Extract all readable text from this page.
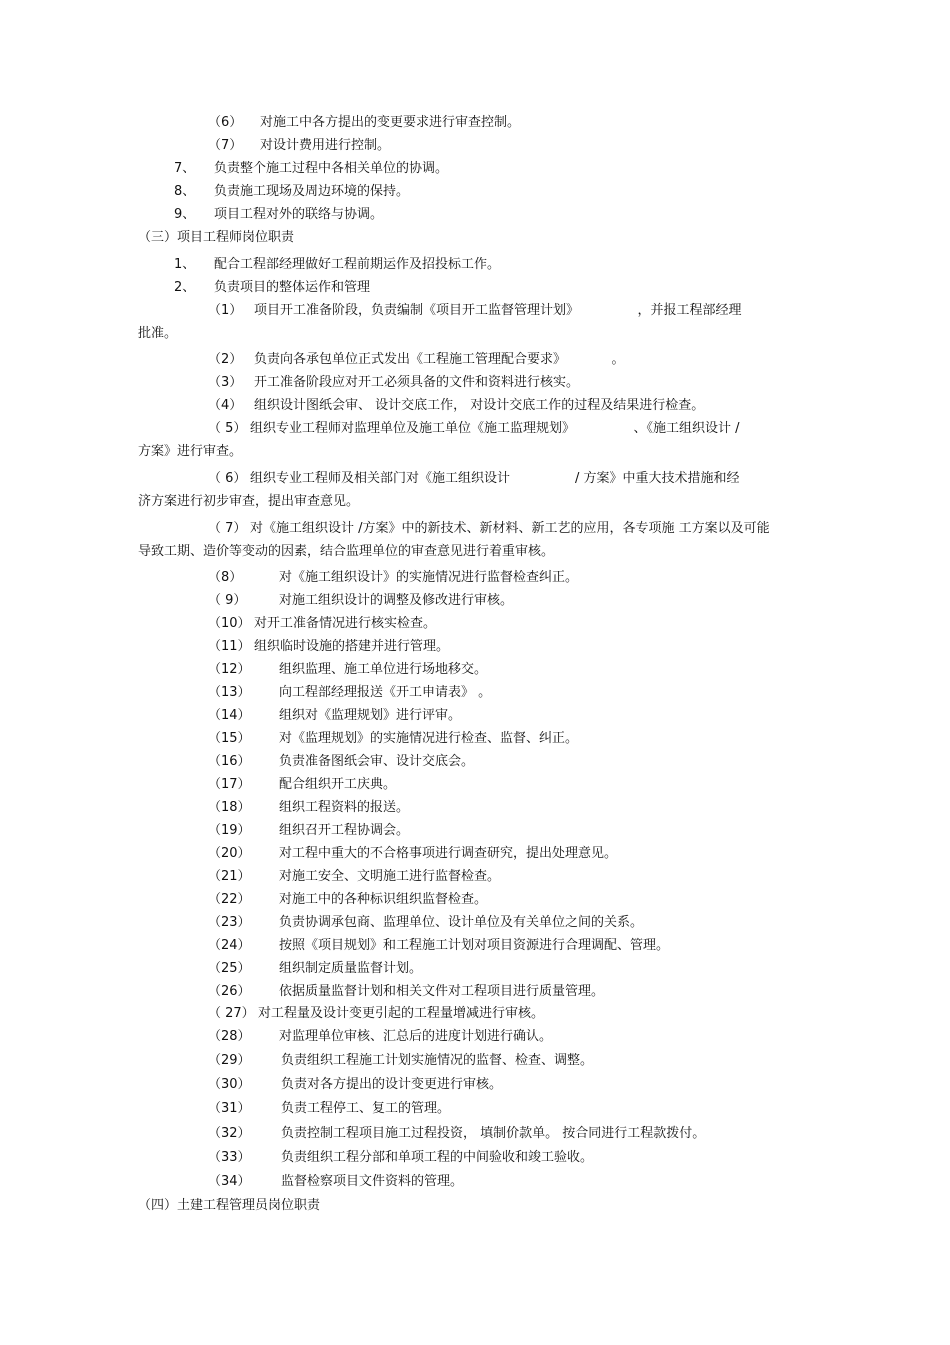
（6） 对施工中各方提出的变更要求进行审查控制。
（7） 对设计费用进行控制。
7、 负责整个施工过程中各相关单位的协调。
8、 负责施工现场及周边环境的保持。
9、 项目工程对外的联络与协调。
（三）项目工程师岗位职责
1、 配合工程部经理做好工程前期运作及招投标工作。
2、 负责项目的整体运作和管理
（1） 项目开工准备阶段，负责编制《项目开工监督管理计划》　　　　　，并报工程部经理
批准。
（2） 负责向各承包单位正式发出《工程施工管理配合要求》　　　　。
（3） 开工准备阶段应对开工必须具备的文件和资料进行核实。
（4） 组织设计图纸会审、 设计交底工作， 对设计交底工作的过程及结果进行检查。
（ 5） 组织专业工程师对监理单位及施工单位《施工监理规划》　　　　　、《施工组织设计 /
方案》进行审查。
（ 6） 组织专业工程师及相关部门对《施工组织设计　　　　　/ 方案》中重大技术措施和经
济方案进行初步审查，提出审查意见。
（ 7） 对《施工组织设计 /方案》中的新技术、新材料、新工艺的应用，各专项施 工方案以及可能
导致工期、造价等变动的因素，结合监理单位的审查意见进行着重审核。
（8）	对《施工组织设计》的实施情况进行监督检查纠正。
（ 9）	对施工组织设计的调整及修改进行审核。
（10） 对开工准备情况进行核实检查。
（11） 组织临时设施的搭建并进行管理。
（12） 组织监理、施工单位进行场地移交。
（13） 向工程部经理报送《开工申请表》 。
（14） 组织对《监理规划》进行评审。
（15） 对《监理规划》的实施情况进行检查、监督、纠正。
（16） 负责准备图纸会审、设计交底会。
（17） 配合组织开工庆典。
（18） 组织工程资料的报送。
（19） 组织召开工程协调会。
（20） 对工程中重大的不合格事项进行调查研究，提出处理意见。
（21） 对施工安全、文明施工进行监督检查。
（22） 对施工中的各种标识组织监督检查。
（23） 负责协调承包商、监理单位、设计单位及有关单位之间的关系。
（24） 按照《项目规划》和工程施工计划对项目资源进行合理调配、管理。
（25） 组织制定质量监督计划。
（26） 依据质量监督计划和相关文件对工程项目进行质量管理。
（ 27） 对工程量及设计变更引起的工程量增减进行审核。
（28） 对监理单位审核、汇总后的进度计划进行确认。
（29） 负责组织工程施工计划实施情况的监督、检查、调整。
（30） 负责对各方提出的设计变更进行审核。
（31） 负责工程停工、复工的管理。
（32） 负责控制工程项目施工过程投资， 填制价款单。 按合同进行工程款拨付。
（33） 负责组织工程分部和单项工程的中间验收和竣工验收。
（34） 监督检察项目文件资料的管理。
（四）土建工程管理员岗位职责
